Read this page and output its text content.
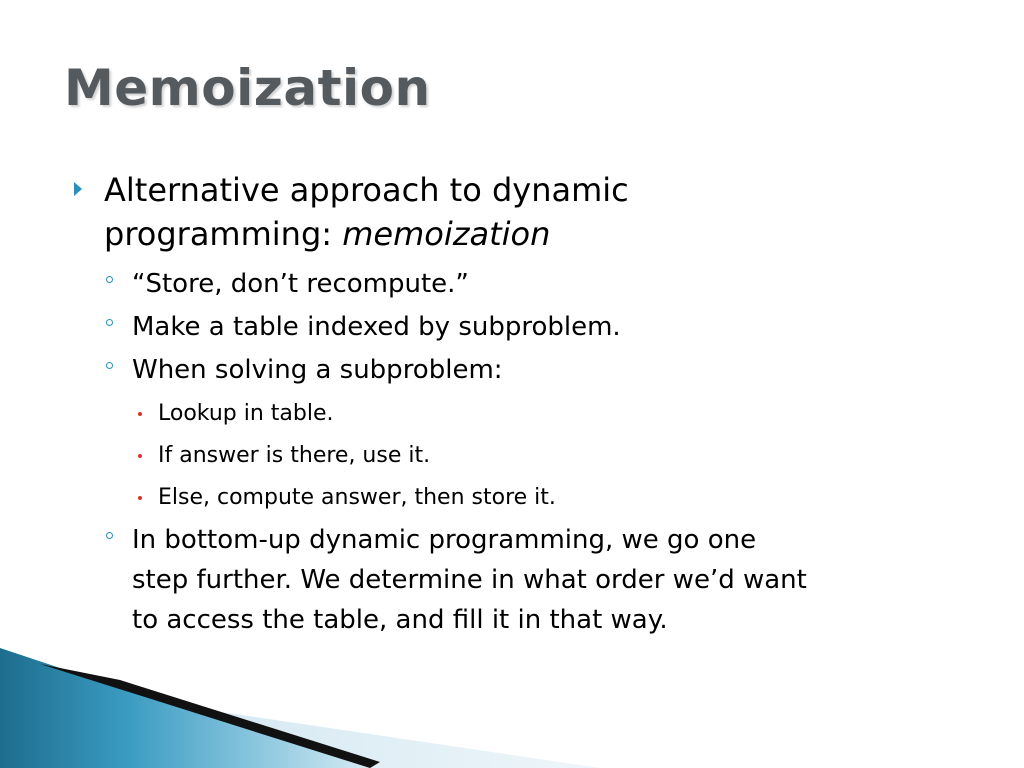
Memoization
Alternative approach to dynamic
programming: memoization
“Store, don’t recompute.”
Make a table indexed by subproblem.
When solving a subproblem:
Lookup in table.
If answer is there, use it.
Else, compute answer, then store it.
In bottom-up dynamic programming, we go one
step further. We determine in what order we’d want
to access the table, and fill it in that way.
